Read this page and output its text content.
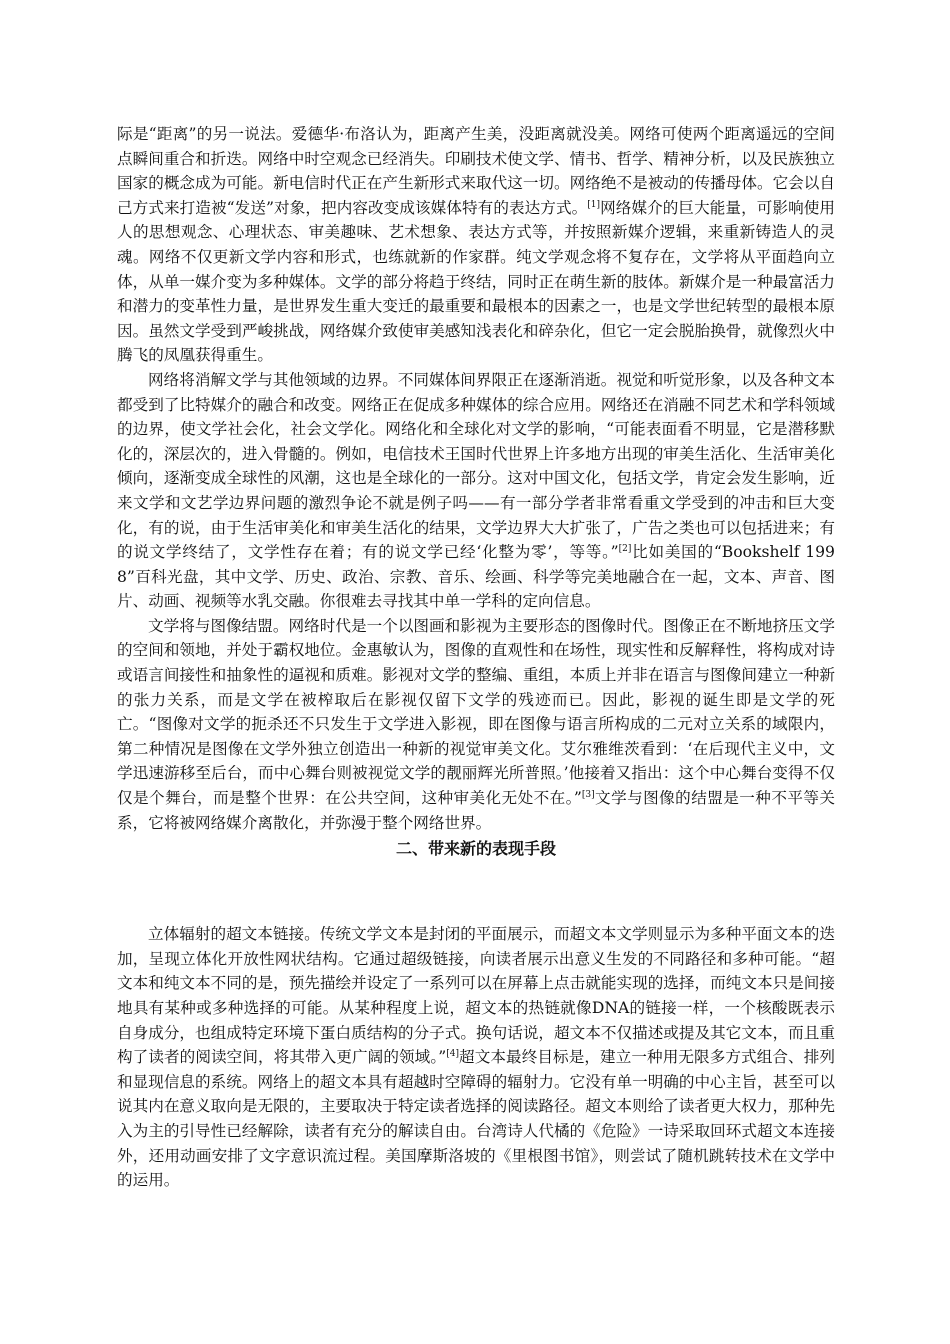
际是“距离”的另一说法。爱德华·布洛认为，距离产生美，没距离就没美。网络可使两个距离遥远的空间点瞬间重合和折迭。网络中时空观念已经消失。印刷技术使文学、情书、哲学、精神分析，以及民族独立国家的概念成为可能。新电信时代正在产生新形式来取代这一切。网络绝不是被动的传播母体。它会以自己方式来打造被“发送”对象，把内容改变成该媒体特有的表达方式。[1]网络媒介的巨大能量，可影响使用人的思想观念、心理状态、审美趣味、艺术想象、表达方式等，并按照新媒介逻辑，来重新铸造人的灵魂。网络不仅更新文学内容和形式，也练就新的作家群。纯文学观念将不复存在，文学将从平面趋向立体，从单一媒介变为多种媒体。文学的部分将趋于终结，同时正在萌生新的肢体。新媒介是一种最富活力和潜力的变革性力量，是世界发生重大变迁的最重要和最根本的因素之一，也是文学世纪转型的最根本原因。虽然文学受到严峻挑战，网络媒介致使审美感知浅表化和碎杂化，但它一定会脱胎换骨，就像烈火中腾飞的凤凰获得重生。

网络将消解文学与其他领域的边界。不同媒体间界限正在逐渐消逝。视觉和听觉形象，以及各种文本都受到了比特媒介的融合和改变。网络正在促成多种媒体的综合应用。网络还在消融不同艺术和学科领域的边界，使文学社会化，社会文学化。网络化和全球化对文学的影响，“可能表面看不明显，它是潜移默化的，深层次的，进入骨髓的。例如，电信技术王国时代世界上许多地方出现的审美生活化、生活审美化倾向，逐渐变成全球性的风潮，这也是全球化的一部分。这对中国文化，包括文学，肯定会发生影响，近来文学和文艺学边界问题的激烈争论不就是例子吗——有一部分学者非常看重文学受到的冲击和巨大变化，有的说，由于生活审美化和审美生活化的结果，文学边界大大扩张了，广告之类也可以包括进来；有的说文学终结了，文学性存在着；有的说文学已经‘化整为零’，等等。”[2]比如美国的“Bookshelf 1998”百科光盘，其中文学、历史、政治、宗教、音乐、绘画、科学等完美地融合在一起，文本、声音、图片、动画、视频等水乳交融。你很难去寻找其中单一学科的定向信息。

文学将与图像结盟。网络时代是一个以图画和影视为主要形态的图像时代。图像正在不断地挤压文学的空间和领地，并处于霸权地位。金惠敏认为，图像的直观性和在场性，现实性和反解释性，将构成对诗或语言间接性和抽象性的逼视和质难。影视对文学的整编、重组，本质上并非在语言与图像间建立一种新的张力关系，而是文学在被榨取后在影视仅留下文学的残迹而已。因此，影视的诞生即是文学的死亡。“图像对文学的扼杀还不只发生于文学进入影视，即在图像与语言所构成的二元对立关系的域限内，第二种情况是图像在文学外独立创造出一种新的视觉审美文化。艾尔雅维茨看到：‘在后现代主义中，文学迅速游移至后台，而中心舞台则被视觉文学的靓丽辉光所普照。’他接着又指出：这个中心舞台变得不仅仅是个舞台，而是整个世界：在公共空间，这种审美化无处不在。”[3]文学与图像的结盟是一种不平等关系，它将被网络媒介离散化，并弥漫于整个网络世界。

二、带来新的表现手段

立体辐射的超文本链接。传统文学文本是封闭的平面展示，而超文本文学则显示为多种平面文本的迭加，呈现立体化开放性网状结构。它通过超级链接，向读者展示出意义生发的不同路径和多种可能。“超文本和纯文本不同的是，预先描绘并设定了一系列可以在屏幕上点击就能实现的选择，而纯文本只是间接地具有某种或多种选择的可能。从某种程度上说，超文本的热链就像DNA的链接一样，一个核酸既表示自身成分，也组成特定环境下蛋白质结构的分子式。换句话说，超文本不仅描述或提及其它文本，而且重构了读者的阅读空间，将其带入更广阔的领域。”[4]超文本最终目标是，建立一种用无限多方式组合、排列和显现信息的系统。网络上的超文本具有超越时空障碍的辐射力。它没有单一明确的中心主旨，甚至可以说其内在意义取向是无限的，主要取决于特定读者选择的阅读路径。超文本则给了读者更大权力，那种先入为主的引导性已经解除，读者有充分的解读自由。台湾诗人代橘的《危险》一诗采取回环式超文本连接外，还用动画安排了文字意识流过程。美国摩斯洛坡的《里根图书馆》，则尝试了随机跳转技术在文学中的运用。
